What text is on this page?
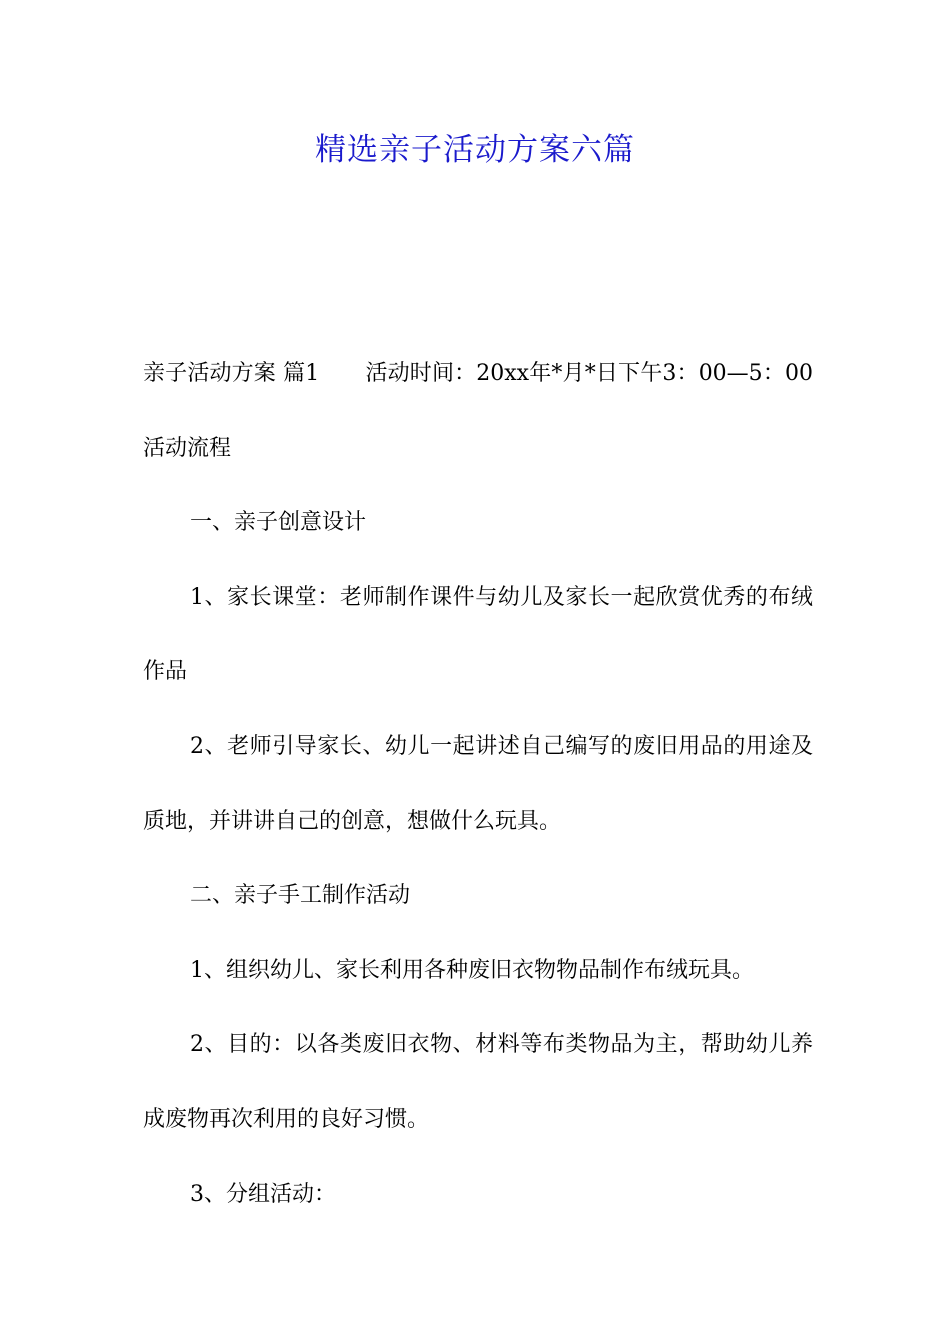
精选亲子活动方案六篇

亲子活动方案 篇1 活动时间：20xx年*月*日下午3：00—5：00 活动流程

一、亲子创意设计

1、家长课堂：老师制作课件与幼儿及家长一起欣赏优秀的布绒作品

2、老师引导家长、幼儿一起讲述自己编写的废旧用品的用途及质地，并讲讲自己的创意，想做什么玩具。

二、亲子手工制作活动

1、组织幼儿、家长利用各种废旧衣物物品制作布绒玩具。

2、目的：以各类废旧衣物、材料等布类物品为主，帮助幼儿养成废物再次利用的良好习惯。

3、分组活动：
